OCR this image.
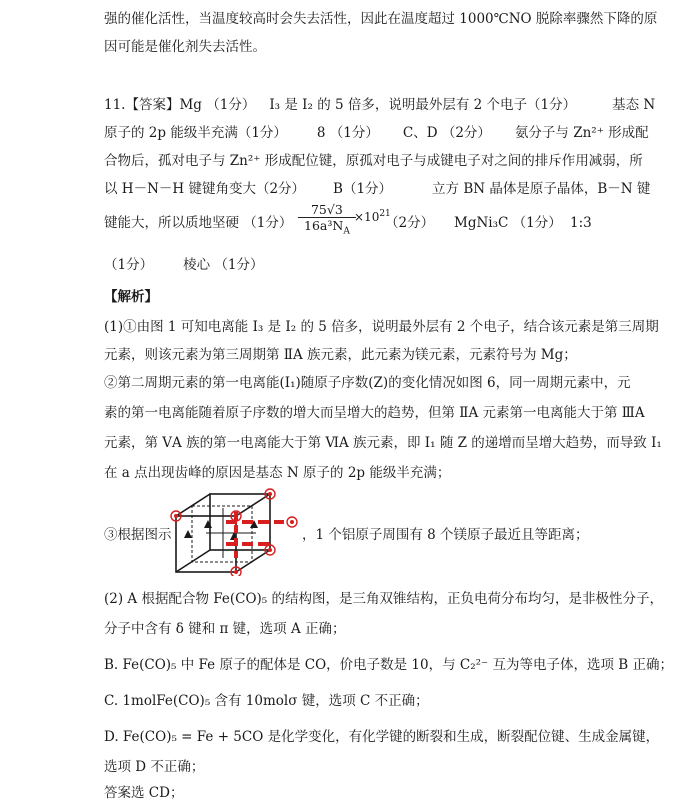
强的催化活性，当温度较高时会失去活性，因此在温度超过 1000℃NO 脱除率骤然下降的原
因可能是催化剂失去活性。
11.【答案】Mg （1分） I₃ 是 I₂ 的 5 倍多，说明最外层有 2 个电子（1分）	基态 N
原子的 2p 能级半充满（1分） 8 （1分） C、D （2分） 氨分子与 Zn²⁺ 形成配
合物后，孤对电子与 Zn²⁺ 形成配位键，原孤对电子与成键电子对之间的排斥作用减弱，所
以 H－N－H 键键角变大（2分） B（1分）	立方 BN 晶体是原子晶体，B－N 键
键能大，所以质地坚硬 （1分） $\frac{75√3}{16a^3N_A}$
$\times 10^{21}$
（2分） MgNi₃C （1分） 1:3
（1分） 棱心 （1分）
【解析】
(1)①由图 1 可知电离能 I₃ 是 I₂ 的 5 倍多，说明最外层有 2 个电子，结合该元素是第三周期
元素，则该元素为第三周期第 ⅡA 族元素，此元素为镁元素，元素符号为 Mg；
②第二周期元素的第一电离能(I₁)随原子序数(Z)的变化情况如图 6，同一周期元素中，元
素的第一电离能随着原子序数的增大而呈增大的趋势，但第 ⅡA 元素第一电离能大于第 ⅢA
元素，第 ⅤA 族的第一电离能大于第 ⅥA 族元素，即 I₁ 随 Z 的递增而呈增大趋势，而导致 I₁
在 a 点出现齿峰的原因是基态 N 原子的 2p 能级半充满；
③根据图示	，1 个铝原子周围有 8 个镁原子最近且等距离；
(2) A 根据配合物 Fe(CO)₅ 的结构图，是三角双锥结构，正负电荷分布均匀，是非极性分子，
分子中含有 δ 键和 π 键，选项 A 正确；
B. Fe(CO)₅ 中 Fe 原子的配体是 CO，价电子数是 10，与 C₂²⁻ 互为等电子体，选项 B 正确；
C. 1molFe(CO)₅ 含有 10molσ 键，选项 C 不正确；
D. Fe(CO)₅ = Fe + 5CO 是化学变化，有化学键的断裂和生成，断裂配位键、生成金属键，
选项 D 不正确；
答案选 CD；
